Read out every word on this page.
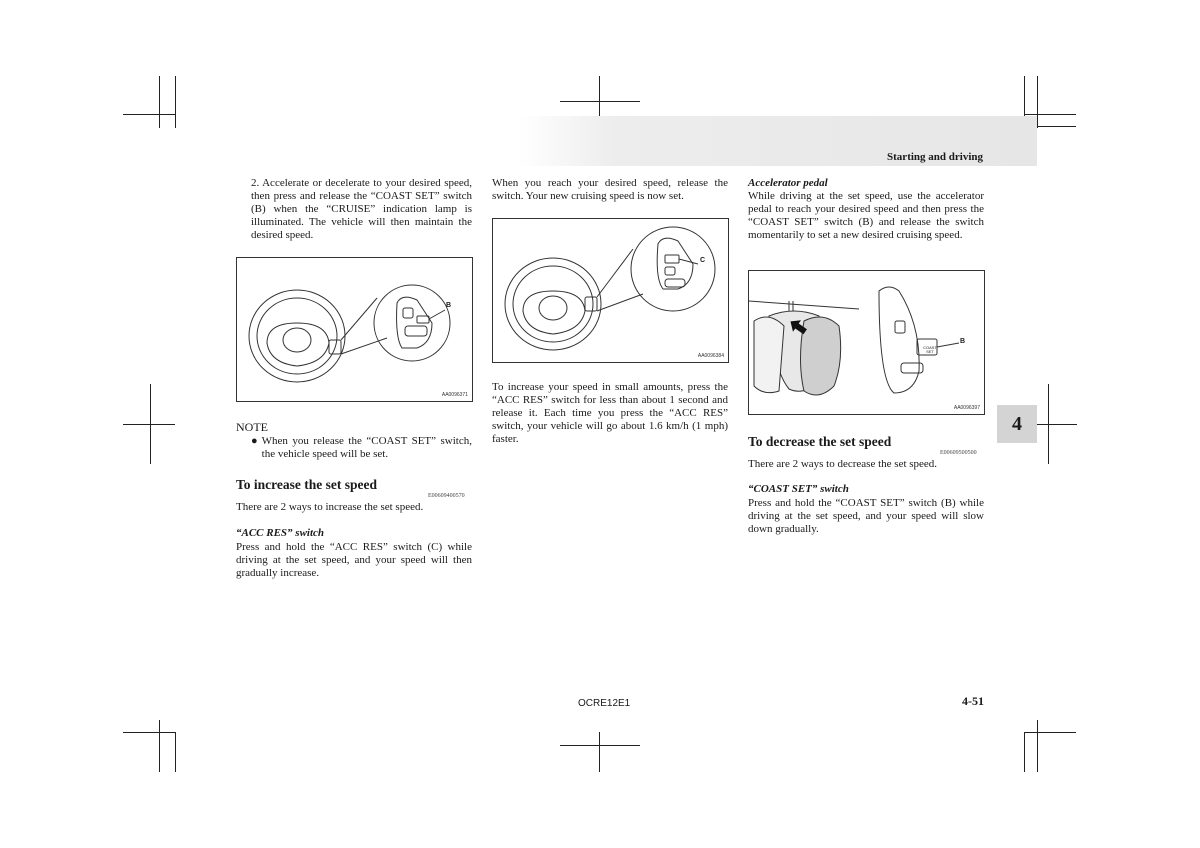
Starting and driving
4
2. Accelerate or decelerate to your desired speed, then press and release the “COAST SET” switch (B) when the “CRUISE” indication lamp is illuminated. The vehicle will then maintain the desired speed.
B
AA0096371
NOTE
● When you release the “COAST SET” switch, the vehicle speed will be set.

To increase the set speed

E00609400570
There are 2 ways to increase the set speed.
“ACC RES” switch
Press and hold the “ACC RES” switch (C) while driving at the set speed, and your speed will then gradually increase.
When you reach your desired speed, release the switch. Your new cruising speed is now set.
C
AA0096384
To increase your speed in small amounts, press the “ACC RES” switch for less than about 1 second and release it. Each time you press the “ACC RES” switch, your vehicle will go about 1.6 km/h (1 mph) faster.
Accelerator pedal
While driving at the set speed, use the accelerator pedal to reach your desired speed and then press the “COAST SET” switch (B) and release the switch momentarily to set a new desired cruising speed.
COAST SET
B
AA0096397

To decrease the set speed

E00609500500
There are 2 ways to decrease the set speed.
“COAST SET” switch
Press and hold the “COAST SET” switch (B) while driving at the set speed, and your speed will slow down gradually.
OCRE12E1	4-51
